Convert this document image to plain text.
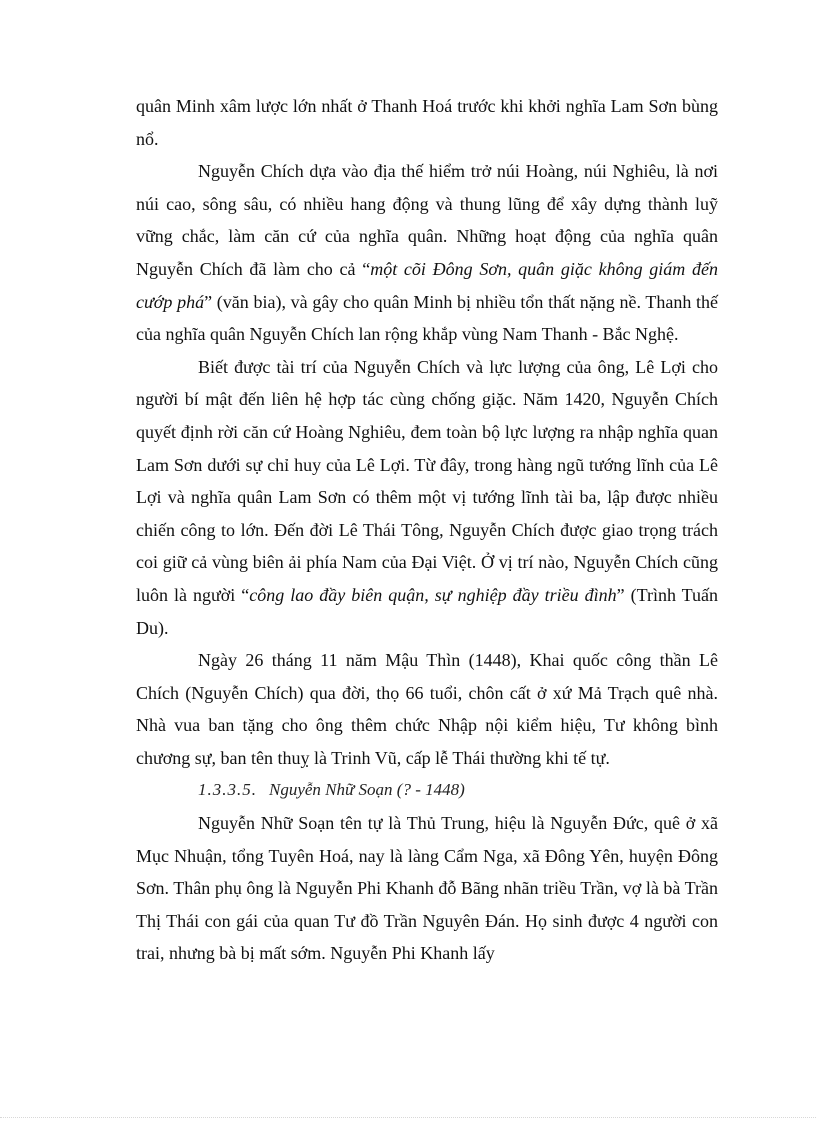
quân Minh xâm lược lớn nhất ở Thanh Hoá trước khi khởi nghĩa Lam Sơn bùng nổ.

Nguyễn Chích dựa vào địa thế hiểm trở núi Hoàng, núi Nghiêu, là nơi núi cao, sông sâu, có nhiều hang động và thung lũng để xây dựng thành luỹ vững chắc, làm căn cứ của nghĩa quân. Những hoạt động của nghĩa quân Nguyễn Chích đã làm cho cả “một cõi Đông Sơn, quân giặc không giám đến cướp phá” (văn bia), và gây cho quân Minh bị nhiều tổn thất nặng nề. Thanh thế của nghĩa quân Nguyễn Chích lan rộng khắp vùng Nam Thanh - Bắc Nghệ.

Biết được tài trí của Nguyễn Chích và lực lượng của ông, Lê Lợi cho người bí mật đến liên hệ hợp tác cùng chống giặc. Năm 1420, Nguyễn Chích quyết định rời căn cứ Hoàng Nghiêu, đem toàn bộ lực lượng ra nhập nghĩa quan Lam Sơn dưới sự chỉ huy của Lê Lợi. Từ đây, trong hàng ngũ tướng lĩnh của Lê Lợi và nghĩa quân Lam Sơn có thêm một vị tướng lĩnh tài ba, lập được nhiều chiến công to lớn. Đến đời Lê Thái Tông, Nguyễn Chích được giao trọng trách coi giữ cả vùng biên ải phía Nam của Đại Việt. Ở vị trí nào, Nguyễn Chích cũng luôn là người “công lao đầy biên quận, sự nghiệp đầy triều đình” (Trình Tuấn Du).

Ngày 26 tháng 11 năm Mậu Thìn (1448), Khai quốc công thần Lê Chích (Nguyễn Chích) qua đời, thọ 66 tuổi, chôn cất ở xứ Mả Trạch quê nhà. Nhà vua ban tặng cho ông thêm chức Nhập nội kiểm hiệu, Tư không bình chương sự, ban tên thuỵ là Trinh Vũ, cấp lễ Thái thường khi tế tự.

1.3.3.5. Nguyễn Nhữ Soạn (? - 1448)

Nguyễn Nhữ Soạn tên tự là Thủ Trung, hiệu là Nguyễn Đức, quê ở xã Mục Nhuận, tổng Tuyên Hoá, nay là làng Cẩm Nga, xã Đông Yên, huyện Đông Sơn. Thân phụ ông là Nguyễn Phi Khanh đỗ Bãng nhãn triều Trần, vợ là bà Trần Thị Thái con gái của quan Tư đồ Trần Nguyên Đán. Họ sinh được 4 người con trai, nhưng bà bị mất sớm. Nguyễn Phi Khanh lấy
